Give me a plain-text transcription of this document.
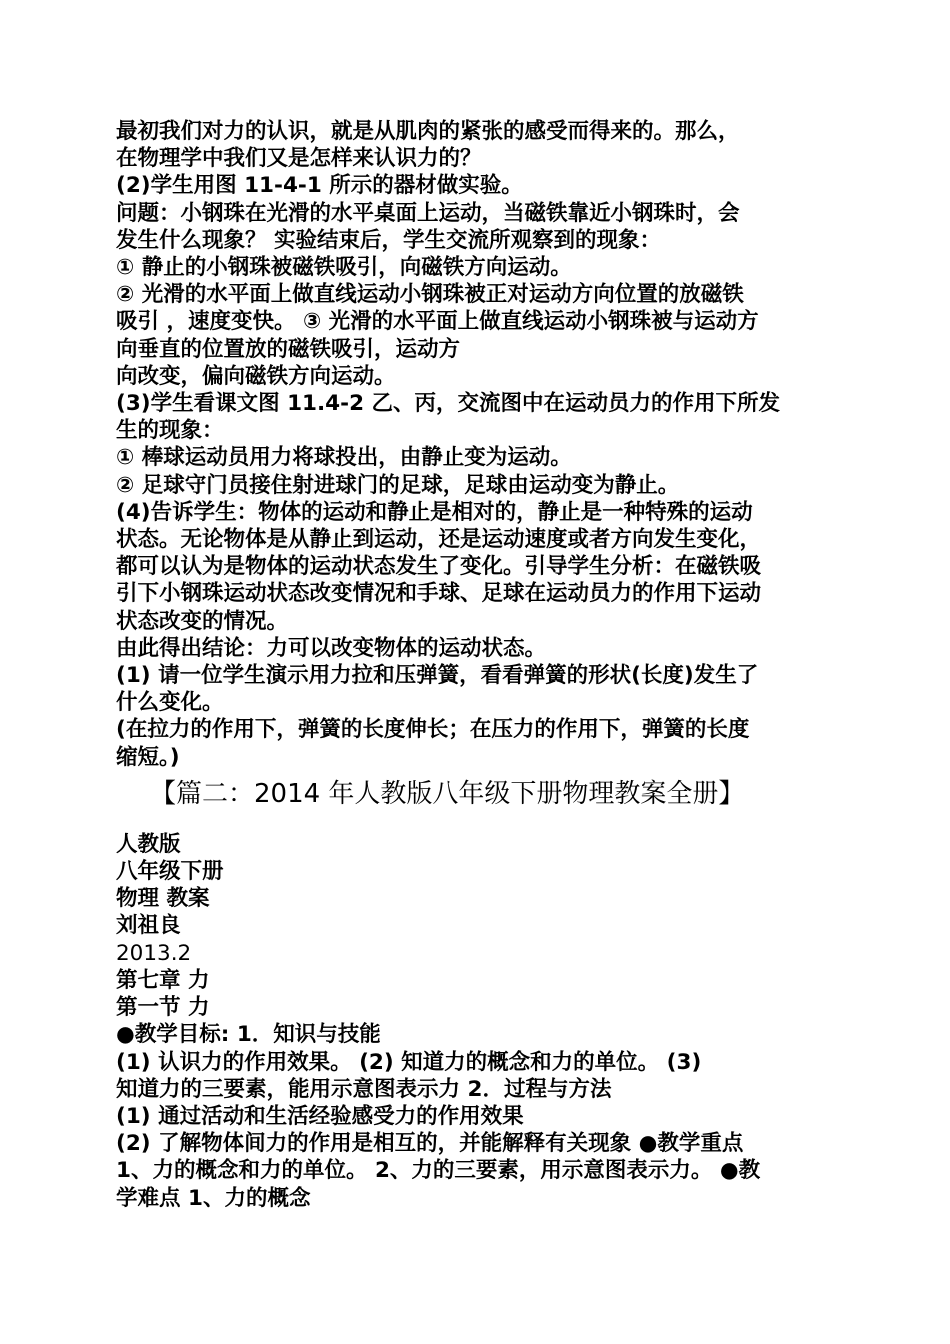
最初我们对力的认识，就是从肌肉的紧张的感受而得来的。那么，

在物理学中我们又是怎样来认识力的？

(2)学生用图 11-4-1 所示的器材做实验。

问题：小钢珠在光滑的水平桌面上运动，当磁铁靠近小钢珠时，会

发生什么现象？ 实验结束后，学生交流所观察到的现象：

① 静止的小钢珠被磁铁吸引，向磁铁方向运动。

② 光滑的水平面上做直线运动小钢珠被正对运动方向位置的放磁铁

吸引 ，速度变快。 ③ 光滑的水平面上做直线运动小钢珠被与运动方

向垂直的位置放的磁铁吸引，运动方

向改变，偏向磁铁方向运动。

(3)学生看课文图 11.4-2 乙、丙，交流图中在运动员力的作用下所发

生的现象：

① 棒球运动员用力将球投出，由静止变为运动。

② 足球守门员接住射进球门的足球，足球由运动变为静止。

(4)告诉学生：物体的运动和静止是相对的，静止是一种特殊的运动

状态。无论物体是从静止到运动，还是运动速度或者方向发生变化，

都可以认为是物体的运动状态发生了变化。引导学生分析：在磁铁吸

引下小钢珠运动状态改变情况和手球、足球在运动员力的作用下运动

状态改变的情况。

由此得出结论：力可以改变物体的运动状态。

(1) 请一位学生演示用力拉和压弹簧，看看弹簧的形状(长度)发生了

什么变化。

(在拉力的作用下，弹簧的长度伸长；在压力的作用下，弹簧的长度

缩短。)

【篇二：2014 年人教版八年级下册物理教案全册】

人教版

八年级下册

物理 教案

刘祖良

2013.2

第七章 力

第一节 力

●教学目标: 1．知识与技能

(1) 认识力的作用效果。 (2) 知道力的概念和力的单位。 (3)

知道力的三要素，能用示意图表示力 2．过程与方法

(1) 通过活动和生活经验感受力的作用效果

(2) 了解物体间力的作用是相互的，并能解释有关现象 ●教学重点

1、力的概念和力的单位。 2、力的三要素，用示意图表示力。 ●教

学难点 1、力的概念
